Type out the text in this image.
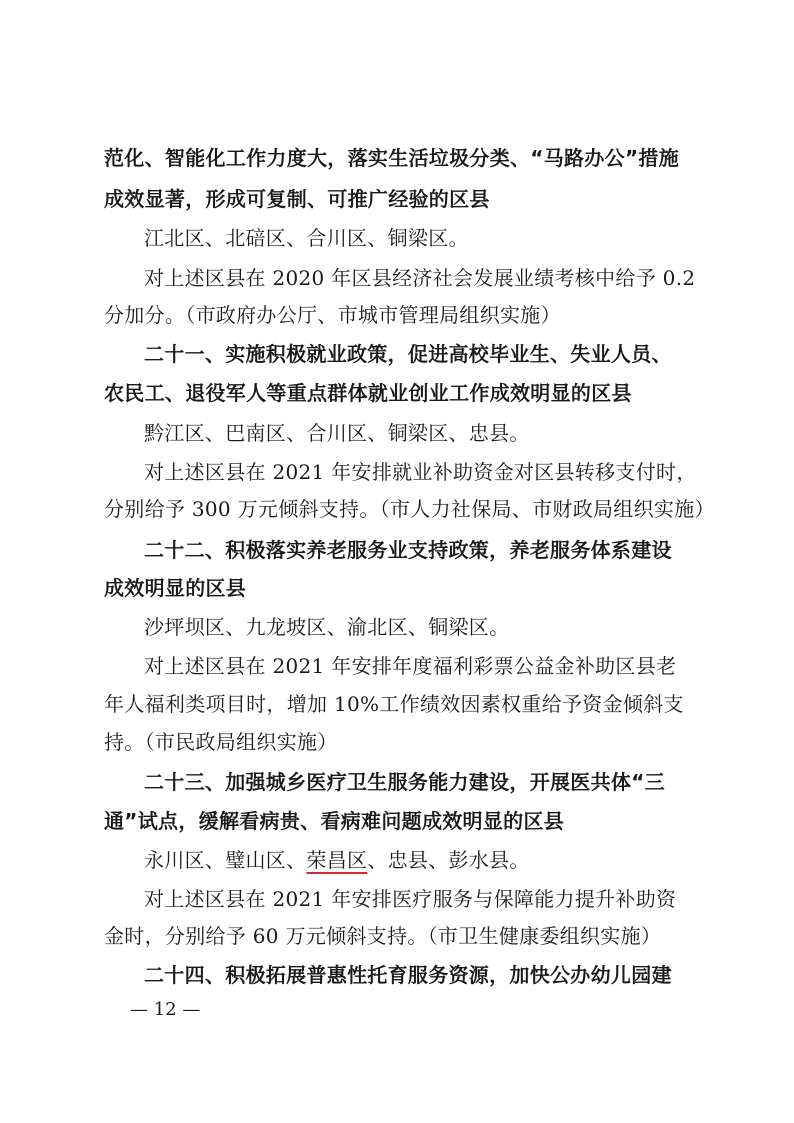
范化、智能化工作力度大，落实生活垃圾分类、“马路办公”措施
成效显著，形成可复制、可推广经验的区县
江北区、北碚区、合川区、铜梁区。
对上述区县在 2020 年区县经济社会发展业绩考核中给予 0.2
分加分。（市政府办公厅、市城市管理局组织实施）
二十一、实施积极就业政策，促进高校毕业生、失业人员、
农民工、退役军人等重点群体就业创业工作成效明显的区县
黔江区、巴南区、合川区、铜梁区、忠县。
对上述区县在 2021 年安排就业补助资金对区县转移支付时，
分别给予 300 万元倾斜支持。（市人力社保局、市财政局组织实施）
二十二、积极落实养老服务业支持政策，养老服务体系建设
成效明显的区县
沙坪坝区、九龙坡区、渝北区、铜梁区。
对上述区县在 2021 年安排年度福利彩票公益金补助区县老
年人福利类项目时，增加 10%工作绩效因素权重给予资金倾斜支
持。（市民政局组织实施）
二十三、加强城乡医疗卫生服务能力建设，开展医共体“三
通”试点，缓解看病贵、看病难问题成效明显的区县
永川区、璧山区、荣昌区、忠县、彭水县。
对上述区县在 2021 年安排医疗服务与保障能力提升补助资
金时，分别给予 60 万元倾斜支持。（市卫生健康委组织实施）
二十四、积极拓展普惠性托育服务资源，加快公办幼儿园建
— 12 —
